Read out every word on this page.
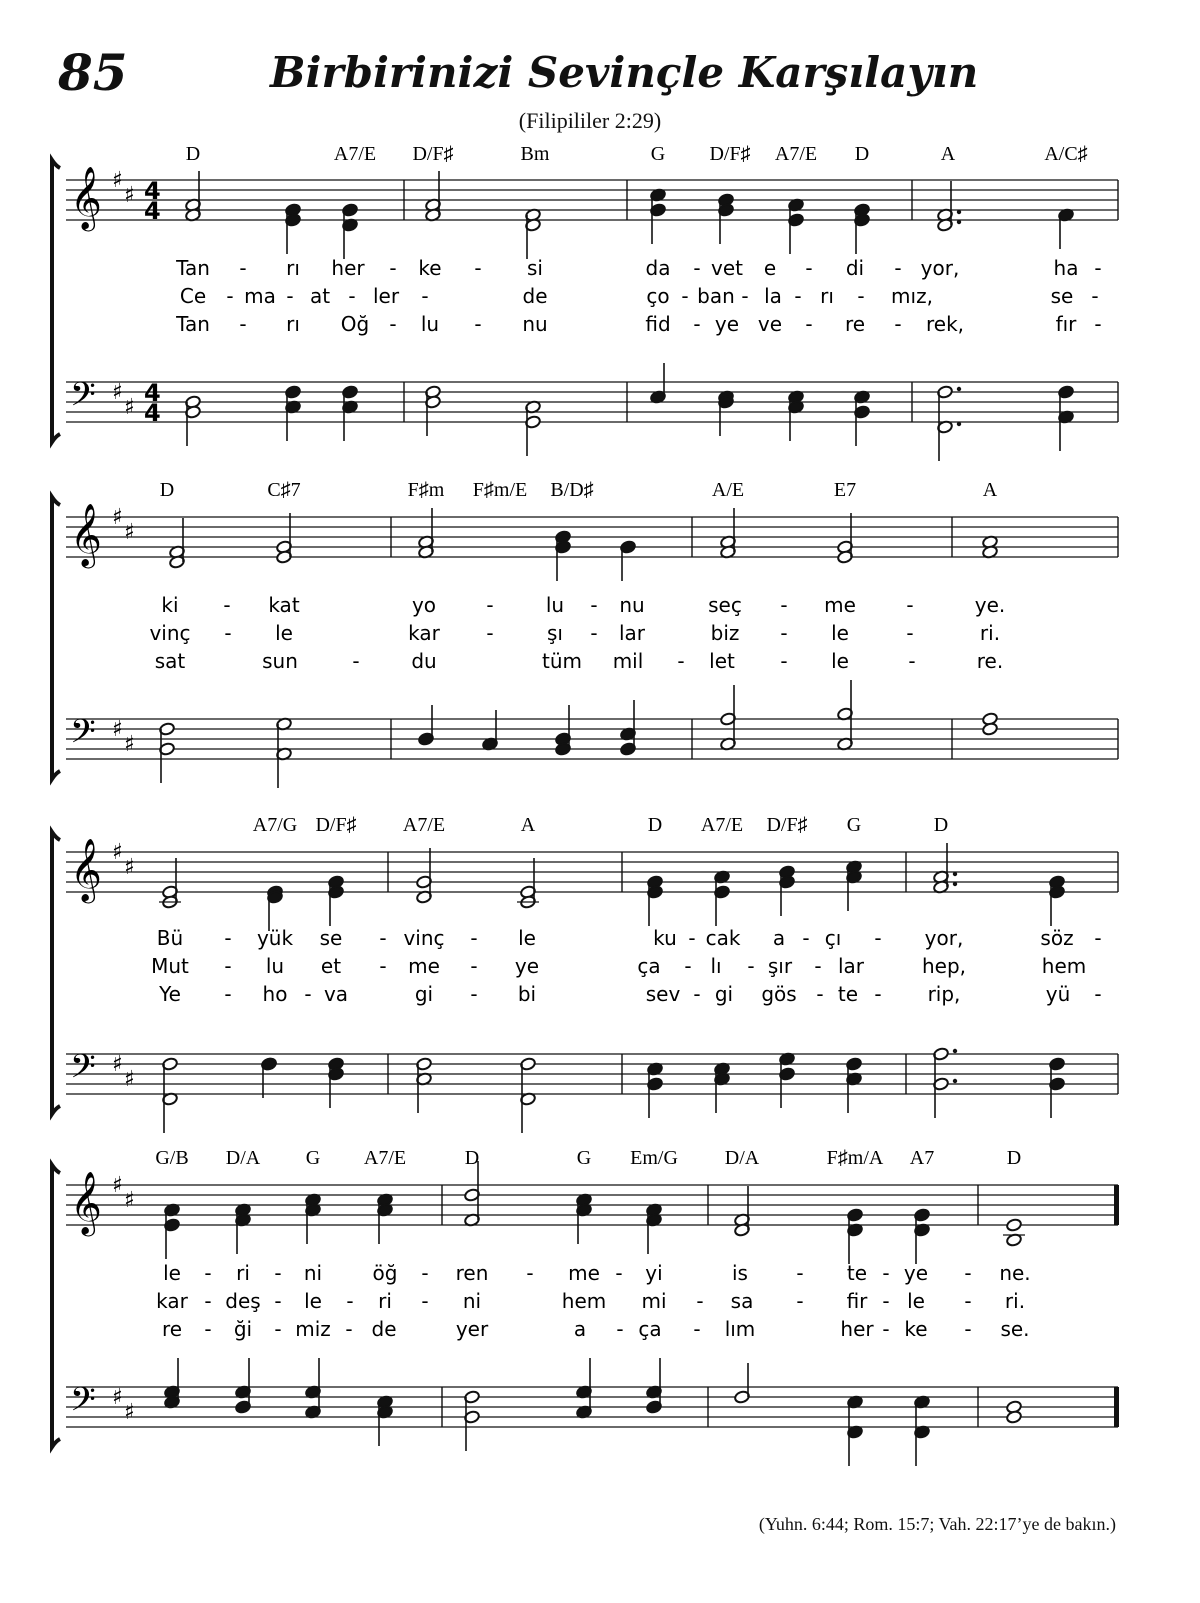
85	Birbirinizi Sevinçle Karşılayın
(Filipililer 2:29)
𝄞
𝄢
♯
♯
♯
♯
4
4
4
4
D	A7/E D/F♯	Bm	G D/F♯ A7/E D	A	A/C♯
Tan - rı her - ke - si	da - vet e - di - yor,	ha -
Ce - ma - at - ler -	de	ço - ban - la - rı - mız,	se -
Tan - rı Oğ - lu - nu	fid - ye ve - re - rek,	fır -
𝄞
𝄢
♯
♯
♯
♯
D	C♯7	F♯m F♯m/E B/D♯	A/E	E7	A
ki - kat	yo	-	lu - nu	seç - me	-	ye.
vinç - le	kar -	şı - lar	biz - le	-	ri.
sat	sun	-	du	tüm mil - let - le	-	re.
𝄞
𝄢
♯
♯
♯
♯
A7/G D/F♯ A7/E	A	D A7/E D/F♯ G	D
Bü - yük se - vinç - le	ku - cak a - çı - yor,	söz -
Mut - lu et - me - ye	ça - lı - şır - lar	hep,	hem
Ye - ho - va	gi - bi	sev - gi gös - te - rip,	yü -
𝄞
𝄢
♯
♯
♯
♯
G/B D/A G A7/E	D	G Em/G D/A	F♯m/A A7	D
le - ri - ni	öğ - ren - me - yi	is - te - ye - ne.
kar - deş - le - ri - ni	hem mi - sa - fir - le - ri.
re - ği - miz - de	yer	a - ça - lım	her - ke - se.
(Yuhn. 6:44; Rom. 15:7; Vah. 22:17’ye de bakın.)
